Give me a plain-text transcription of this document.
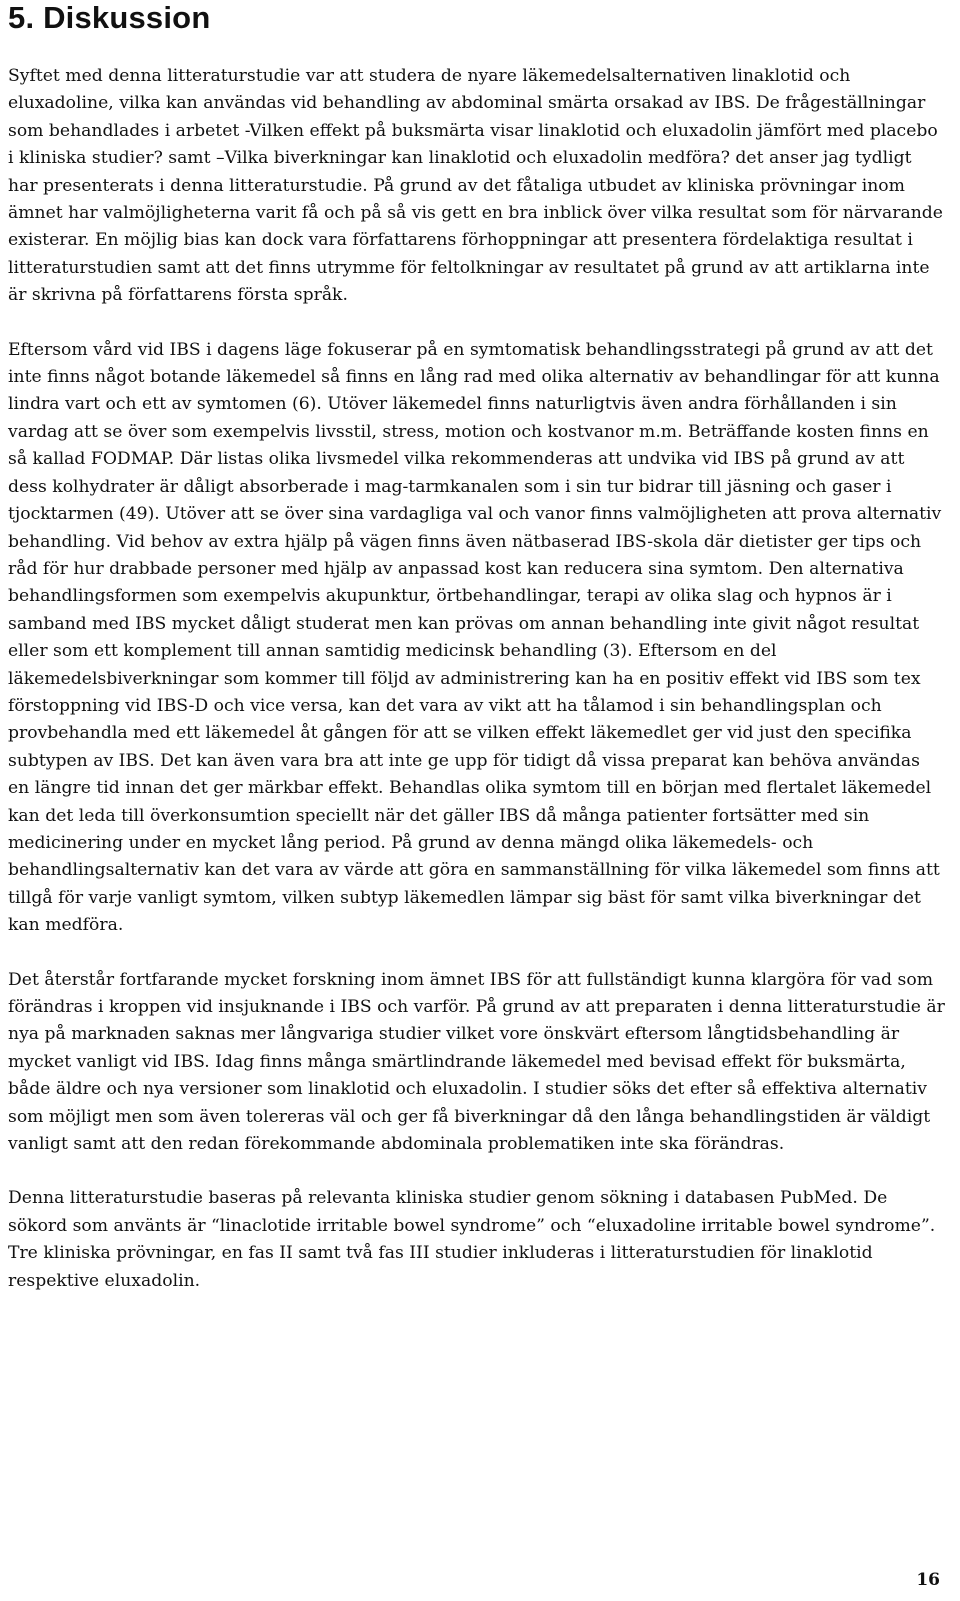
5. Diskussion

Syftet med denna litteraturstudie var att studera de nyare läkemedelsalternativen linaklotid och eluxadoline, vilka kan användas vid behandling av abdominal smärta orsakad av IBS. De frågeställningar som behandlades i arbetet -Vilken effekt på buksmärta visar linaklotid och eluxadolin jämfört med placebo i kliniska studier? samt –Vilka biverkningar kan linaklotid och eluxadolin medföra? det anser jag tydligt har presenterats i denna litteraturstudie. På grund av det fåtaliga utbudet av kliniska prövningar inom ämnet har valmöjligheterna varit få och på så vis gett en bra inblick över vilka resultat som för närvarande existerar. En möjlig bias kan dock vara författarens förhoppningar att presentera fördelaktiga resultat i litteraturstudien samt att det finns utrymme för feltolkningar av resultatet på grund av att artiklarna inte är skrivna på författarens första språk.

Eftersom vård vid IBS i dagens läge fokuserar på en symtomatisk behandlingsstrategi på grund av att det inte finns något botande läkemedel så finns en lång rad med olika alternativ av behandlingar för att kunna lindra vart och ett av symtomen (6). Utöver läkemedel finns naturligtvis även andra förhållanden i sin vardag att se över som exempelvis livsstil, stress, motion och kostvanor m.m. Beträffande kosten finns en så kallad FODMAP. Där listas olika livsmedel vilka rekommenderas att undvika vid IBS på grund av att dess kolhydrater är dåligt absorberade i mag-tarmkanalen som i sin tur bidrar till jäsning och gaser i tjocktarmen (49). Utöver att se över sina vardagliga val och vanor finns valmöjligheten att prova alternativ behandling. Vid behov av extra hjälp på vägen finns även nätbaserad IBS-skola där dietister ger tips och råd för hur drabbade personer med hjälp av anpassad kost kan reducera sina symtom. Den alternativa behandlingsformen som exempelvis akupunktur, örtbehandlingar, terapi av olika slag och hypnos är i samband med IBS mycket dåligt studerat men kan prövas om annan behandling inte givit något resultat eller som ett komplement till annan samtidig medicinsk behandling (3). Eftersom en del läkemedelsbiverkningar som kommer till följd av administrering kan ha en positiv effekt vid IBS som tex förstoppning vid IBS-D och vice versa, kan det vara av vikt att ha tålamod i sin behandlingsplan och provbehandla med ett läkemedel åt gången för att se vilken effekt läkemedlet ger vid just den specifika subtypen av IBS. Det kan även vara bra att inte ge upp för tidigt då vissa preparat kan behöva användas en längre tid innan det ger märkbar effekt. Behandlas olika symtom till en början med flertalet läkemedel kan det leda till överkonsumtion speciellt när det gäller IBS då många patienter fortsätter med sin medicinering under en mycket lång period. På grund av denna mängd olika läkemedels- och behandlingsalternativ kan det vara av värde att göra en sammanställning för vilka läkemedel som finns att tillgå för varje vanligt symtom, vilken subtyp läkemedlen lämpar sig bäst för samt vilka biverkningar det kan medföra.

Det återstår fortfarande mycket forskning inom ämnet IBS för att fullständigt kunna klargöra för vad som förändras i kroppen vid insjuknande i IBS och varför. På grund av att preparaten i denna litteraturstudie är nya på marknaden saknas mer långvariga studier vilket vore önskvärt eftersom långtidsbehandling är mycket vanligt vid IBS. Idag finns många smärtlindrande läkemedel med bevisad effekt för buksmärta, både äldre och nya versioner som linaklotid och eluxadolin. I studier söks det efter så effektiva alternativ som möjligt men som även tolereras väl och ger få biverkningar då den långa behandlingstiden är väldigt vanligt samt att den redan förekommande abdominala problematiken inte ska förändras.

Denna litteraturstudie baseras på relevanta kliniska studier genom sökning i databasen PubMed. De sökord som använts är “linaclotide irritable bowel syndrome” och “eluxadoline irritable bowel syndrome”. Tre kliniska prövningar, en fas II samt två fas III studier inkluderas i litteraturstudien för linaklotid respektive eluxadolin.

16
